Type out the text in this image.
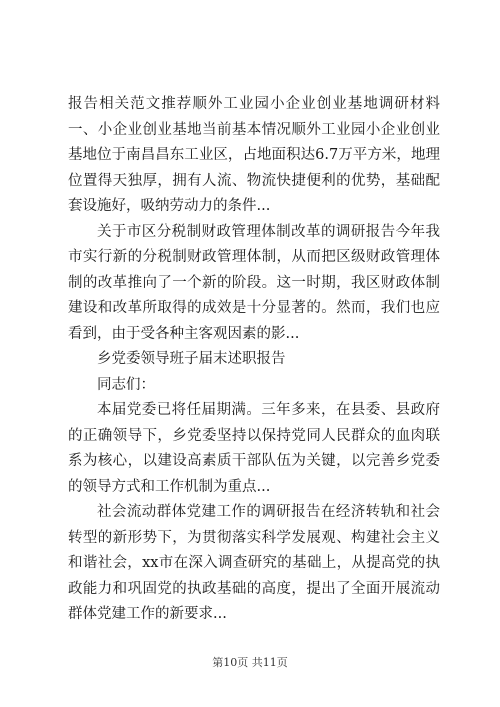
报告相关范文推荐顺外工业园小企业创业基地调研材料一、小企业创业基地当前基本情况顺外工业园小企业创业基地位于南昌昌东工业区，占地面积达6.7万平方米，地理位置得天独厚，拥有人流、物流快捷便利的优势，基础配套设施好，吸纳劳动力的条件...

关于市区分税制财政管理体制改革的调研报告今年我市实行新的分税制财政管理体制，从而把区级财政管理体制的改革推向了一个新的阶段。这一时期，我区财政体制建设和改革所取得的成效是十分显著的。然而，我们也应看到，由于受各种主客观因素的影...

乡党委领导班子届末述职报告

同志们：

本届党委已将任届期满。三年多来，在县委、县政府的正确领导下，乡党委坚持以保持党同人民群众的血肉联系为核心，以建设高素质干部队伍为关键，以完善乡党委的领导方式和工作机制为重点...

社会流动群体党建工作的调研报告在经济转轨和社会转型的新形势下，为贯彻落实科学发展观、构建社会主义和谐社会，xx市在深入调查研究的基础上，从提高党的执政能力和巩固党的执政基础的高度，提出了全面开展流动群体党建工作的新要求...

第10页 共11页
